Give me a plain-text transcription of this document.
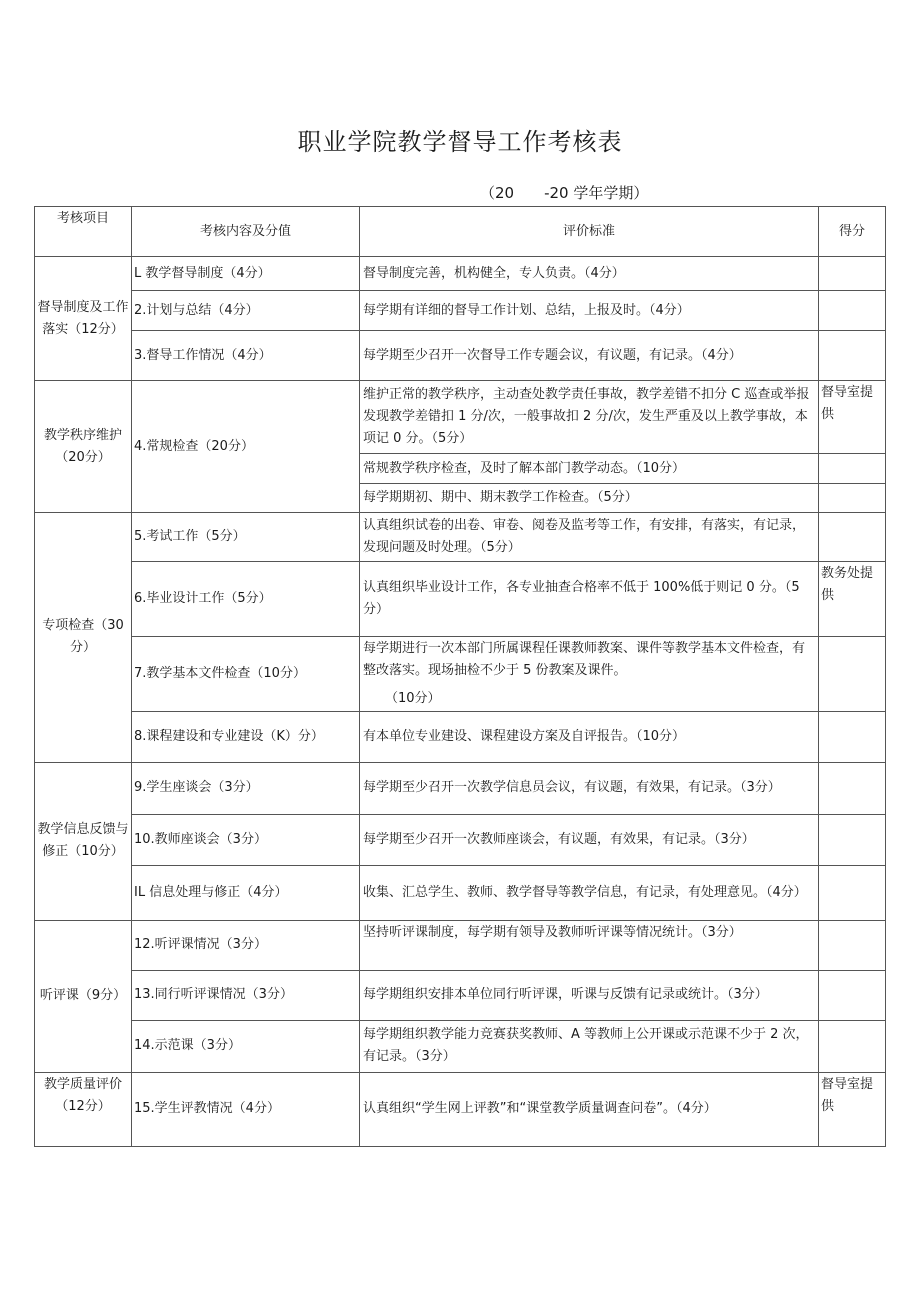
职业学院教学督导工作考核表
（20　　-20 学年学期）
考核项目	考核内容及分值	评价标准	得分
督导制度及工作落实（12分）	L 教学督导制度（4分）	督导制度完善，机构健全，专人负责。（4分）	
	2.计划与总结（4分）	每学期有详细的督导工作计划、总结，上报及时。（4分）	
	3.督导工作情况（4分）	每学期至少召开一次督导工作专题会议，有议题，有记录。（4分）	
教学秩序维护（20分）	4.常规检查（20分）	维护正常的教学秩序，主动查处教学责任事故，教学差错不扣分 C 巡查或举报发现教学差错扣 1 分/次，一般事故扣 2 分/次，发生严重及以上教学事故，本项记 0 分。（5分）	督导室提供
		常规教学秩序检查，及时了解本部门教学动态。（10分）	
		每学期期初、期中、期末教学工作检查。（5分）	
专项检查（30分）	5.考试工作（5分）	认真组织试卷的出卷、审卷、阅卷及监考等工作，有安排，有落实，有记录，发现问题及时处理。（5分）	
	6.毕业设计工作（5分）	认真组织毕业设计工作，各专业抽查合格率不低于 100%低于则记 0 分。（5分）	教务处提供
	7.教学基本文件检查（10分）	每学期进行一次本部门所属课程任课教师教案、课件等教学基本文件检查，有整改落实。现场抽检不少于 5 份教案及课件。
（10分）	

	8.课程建设和专业建设（K）分）	有本单位专业建设、课程建设方案及自评报告。（10分）	
教学信息反馈与修正（10分）	9.学生座谈会（3分）	每学期至少召开一次教学信息员会议，有议题，有效果，有记录。（3分）	
	10.教师座谈会（3分）	每学期至少召开一次教师座谈会，有议题，有效果，有记录。（3分）	
	IL 信息处理与修正（4分）	收集、汇总学生、教师、教学督导等教学信息，有记录，有处理意见。（4分）	
听评课（9分）	12.听评课情况（3分）	坚持听评课制度，每学期有领导及教师听评课等情况统计。（3分）	
	13.同行听评课情况（3分）	每学期组织安排本单位同行听评课，听课与反馈有记录或统计。（3分）	
	14.示范课（3分）	每学期组织教学能力竞赛获奖教师、A 等教师上公开课或示范课不少于 2 次，有记录。（3分）	
教学质量评价（12分）	15.学生评教情况（4分）	认真组织“学生网上评教”和“课堂教学质量调查问卷”。（4分）	督导室提供
